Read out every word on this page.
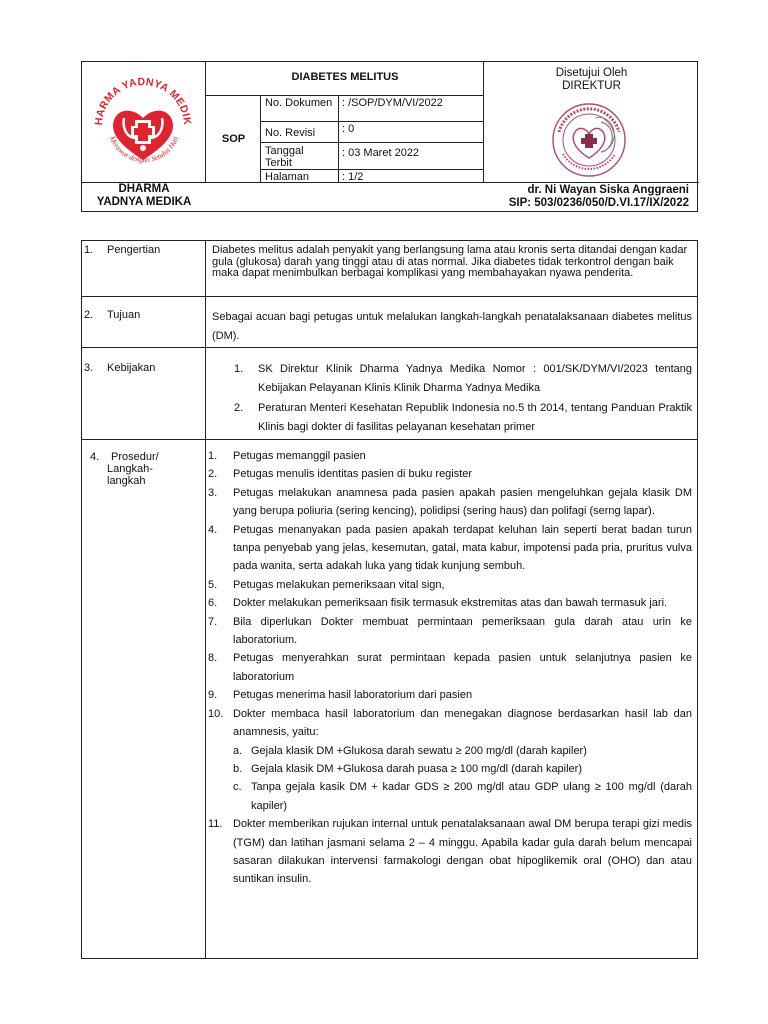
HARMA YADNYA MEDIK
Merawat dengan Setulus Hati
DIABETES MELITUS
SOP
No. Dokumen : /SOP/DYM/VI/2022
No. Revisi	: 0
Tanggal Terbit
: 03 Maret 2022
Halaman	: 1/2
Disetujui Oleh
DIREKTUR
DHARMA
YADNYA MEDIKA
dr. Ni Wayan Siska Anggraeni
SIP: 503/0236/050/D.VI.17/IX/2022
1. Pengertian	Diabetes melitus adalah penyakit yang berlangsung lama atau kronis serta ditandai dengan kadar gula (glukosa) darah yang tinggi atau di atas normal. Jika diabetes tidak terkontrol dengan baik maka dapat menimbulkan berbagai komplikasi yang membahayakan nyawa penderita.
2. Tujuan	Sebagai acuan bagi petugas untuk melalukan langkah-langkah penatalaksanaan diabetes melitus (DM).
3. Kebijakan	1.	SK Direktur Klinik Dharma Yadnya Medika Nomor : 001/SK/DYM/VI/2023 tentang Kebijakan Pelayanan Klinis Klinik Dharma Yadnya Medika
2.	Peraturan Menteri Kesehatan Republik Indonesia no.5 th 2014, tentang Panduan Praktik Klinis bagi dokter di fasilitas pelayanan kesehatan primer
4. Prosedur/
Langkah-
langkah
1.	Petugas memanggil pasien
2.	Petugas menulis identitas pasien di buku register
3.	Petugas melakukan anamnesa pada pasien apakah pasien mengeluhkan gejala klasik DM yang berupa poliuria (sering kencing), polidipsi (sering haus) dan polifagi (serng lapar).
4.	Petugas menanyakan pada pasien apakah terdapat keluhan lain seperti berat badan turun tanpa penyebab yang jelas, kesemutan, gatal, mata kabur, impotensi pada pria, pruritus vulva pada wanita, serta adakah luka yang tidak kunjung sembuh.
5.	Petugas melakukan pemeriksaan vital sign,
6.	Dokter melakukan pemeriksaan fisik termasuk ekstremitas atas dan bawah termasuk jari.
7.	Bila diperlukan Dokter membuat permintaan pemeriksaan gula darah atau urin ke laboratorium.
8.	Petugas menyerahkan surat permintaan kepada pasien untuk selanjutnya pasien ke laboratorium
9.	Petugas menerima hasil laboratorium dari pasien
10. Dokter membaca hasil laboratorium dan menegakan diagnose berdasarkan hasil lab dan anamnesis, yaitu:
a. Gejala klasik DM +Glukosa darah sewatu ≥ 200 mg/dl (darah kapiler)
b. Gejala klasik DM +Glukosa darah puasa ≥ 100 mg/dl (darah kapiler)
c. Tanpa gejala kasik DM + kadar GDS ≥ 200 mg/dl atau GDP ulang ≥ 100 mg/dl (darah kapiler)
11. Dokter memberikan rujukan internal untuk penatalaksanaan awal DM berupa terapi gizi medis (TGM) dan latihan jasmani selama 2 – 4 minggu. Apabila kadar gula darah belum mencapai sasaran dilakukan intervensi farmakologi dengan obat hipoglikemik oral (OHO) dan atau suntikan insulin.
